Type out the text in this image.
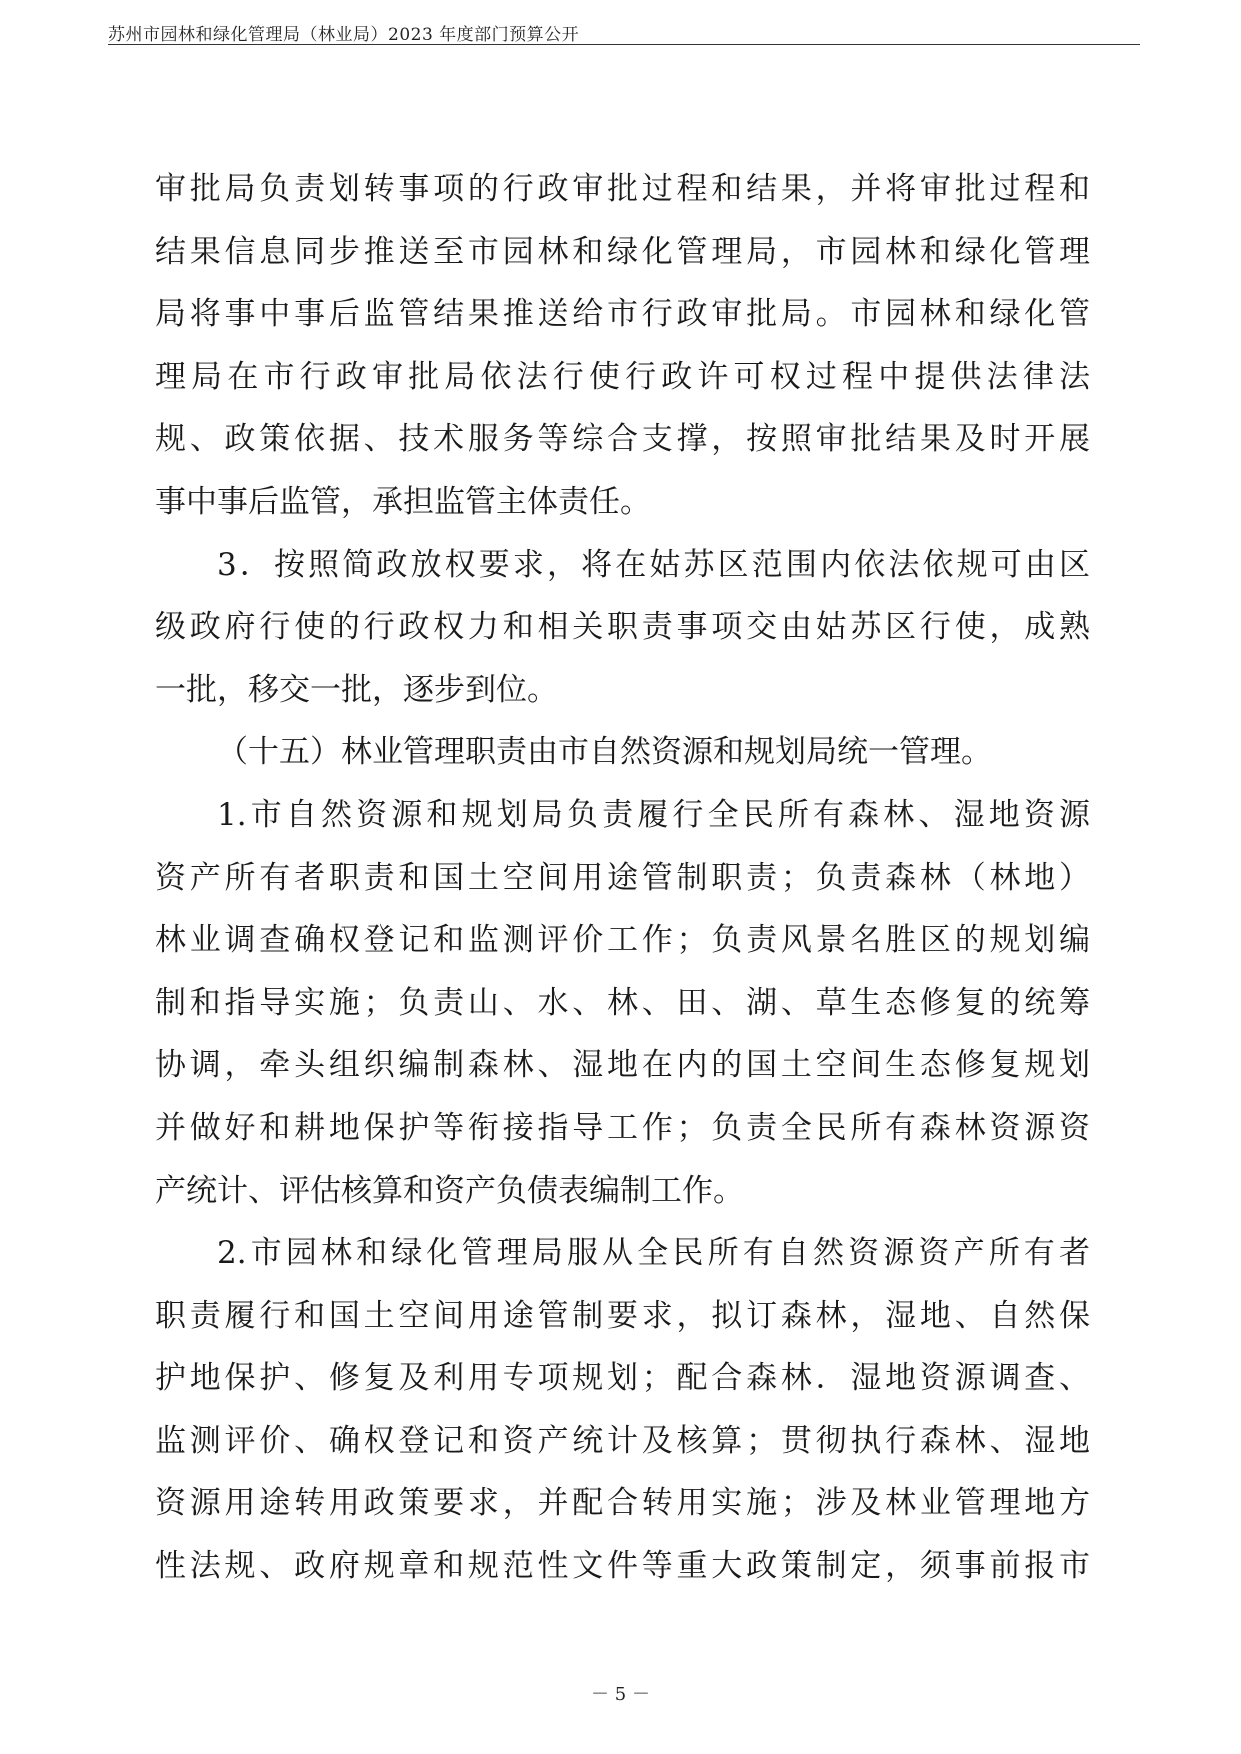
苏州市园林和绿化管理局（林业局）2023 年度部门预算公开
审批局负责划转事项的行政审批过程和结果，并将审批过程和
结果信息同步推送至市园林和绿化管理局，市园林和绿化管理
局将事中事后监管结果推送给市行政审批局。市园林和绿化管
理局在市行政审批局依法行使行政许可权过程中提供法律法
规、政策依据、技术服务等综合支撑，按照审批结果及时开展
事中事后监管，承担监管主体责任。
3．按照简政放权要求，将在姑苏区范围内依法依规可由区
级政府行使的行政权力和相关职责事项交由姑苏区行使，成熟
一批，移交一批，逐步到位。
（十五）林业管理职责由市自然资源和规划局统一管理。
1.市自然资源和规划局负责履行全民所有森林、湿地资源
资产所有者职责和国土空间用途管制职责；负责森林（林地）
林业调查确权登记和监测评价工作；负责风景名胜区的规划编
制和指导实施；负责山、水、林、田、湖、草生态修复的统筹
协调，牵头组织编制森林、湿地在内的国土空间生态修复规划
并做好和耕地保护等衔接指导工作；负责全民所有森林资源资
产统计、评估核算和资产负债表编制工作。
2.市园林和绿化管理局服从全民所有自然资源资产所有者
职责履行和国土空间用途管制要求，拟订森林，湿地、自然保
护地保护、修复及利用专项规划；配合森林．湿地资源调查、
监测评价、确权登记和资产统计及核算；贯彻执行森林、湿地
资源用途转用政策要求，并配合转用实施；涉及林业管理地方
性法规、政府规章和规范性文件等重大政策制定，须事前报市
－ 5 －
